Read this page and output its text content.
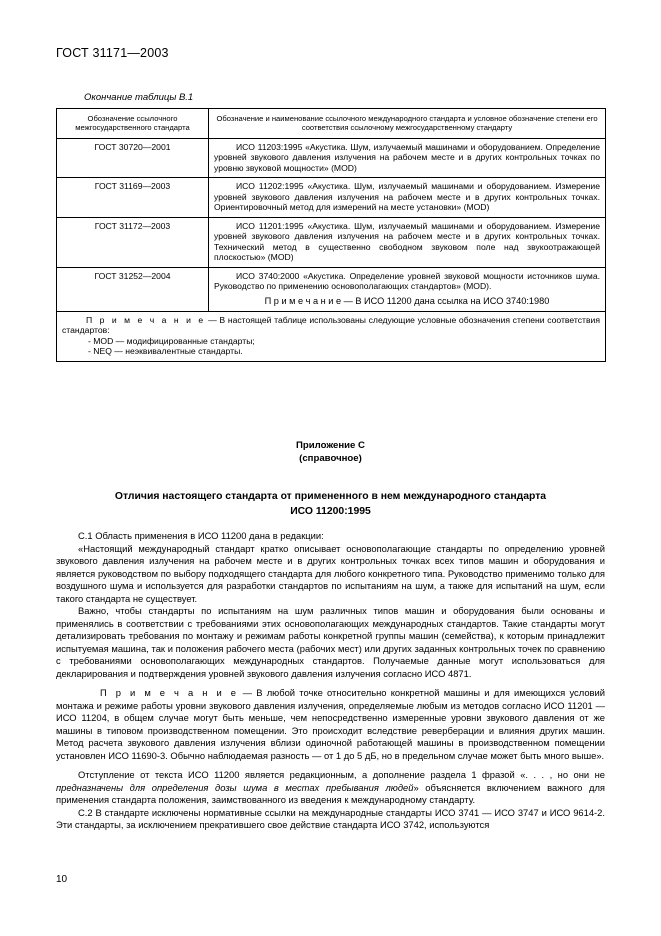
ГОСТ 31171—2003
Окончание таблицы В.1
Обозначение ссылочного межгосударственного стандарта	Обозначение и наименование ссылочного международного стандарта и условное обозначение степени его соответствия ссылочному межгосударственному стандарту
ГОСТ 30720—2001	ИСО 11203:1995 «Акустика. Шум, излучаемый машинами и оборудованием. Определение уровней звукового давления излучения на рабочем месте и в других контрольных точках по уровню звуковой мощности» (MOD)

ГОСТ 31169—2003	ИСО 11202:1995 «Акустика. Шум, излучаемый машинами и оборудованием. Измерение уровней звукового давления излучения на рабочем месте и в других контрольных точках. Ориентировочный метод для измерений на месте установки» (MOD)

ГОСТ 31172—2003	ИСО 11201:1995 «Акустика. Шум, излучаемый машинами и оборудованием. Измерение уровней звукового давления излучения на рабочем месте и в других контрольных точках. Технический метод в существенно свободном звуковом поле над звукоотражающей плоскостью» (MOD)

ГОСТ 31252—2004	ИСО 3740:2000 «Акустика. Определение уровней звуковой мощности источников шума. Руководство по применению основополагающих стандартов» (MOD).
П р и м е ч а н и е — В ИСО 11200 дана ссылка на ИСО 3740:1980

П р и м е ч а н и е — В настоящей таблице использованы следующие условные обозначения степени соответствия стандартов:
- MOD — модифицированные стандарты;
- NEQ — неэквивалентные стандарты.	
Приложение С
(справочное)
Отличия настоящего стандарта от примененного в нем международного стандарта
ИСО 11200:1995

С.1 Область применения в ИСО 11200 дана в редакции:

«Настоящий международный стандарт кратко описывает основополагающие стандарты по определению уровней звукового давления излучения на рабочем месте и в других контрольных точках всех типов машин и оборудования и является руководством по выбору подходящего стандарта для любого конкретного типа. Руководство применимо только для воздушного шума и используется для разработки стандартов по испытаниям на шум, а также для испытаний на шум, если такого стандарта не существует.

Важно, чтобы стандарты по испытаниям на шум различных типов машин и оборудования были основаны и применялись в соответствии с требованиями этих основополагающих международных стандартов. Такие стандарты могут детализировать требования по монтажу и режимам работы конкретной группы машин (семейства), к которым принадлежит испытуемая машина, так и положения рабочего места (рабочих мест) или других заданных контрольных точек по сравнению с требованиями основополагающих международных стандартов. Получаемые данные могут использоваться для декларирования и подтверждения уровней звукового давления излучения согласно ИСО 4871.

П р и м е ч а н и е — В любой точке относительно конкретной машины и для имеющихся условий монтажа и режиме работы уровни звукового давления излучения, определяемые любым из методов согласно ИСО 11201 — ИСО 11204, в общем случае могут быть меньше, чем непосредственно измеренные уровни звукового давления от же машины в типовом производственном помещении. Это происходит вследствие реверберации и влияния других машин. Метод расчета звукового давления излучения вблизи одиночной работающей машины в производственном помещении установлен ИСО 11690-3. Обычно наблюдаемая разность — от 1 до 5 дБ, но в предельном случае может быть много выше».

Отступление от текста ИСО 11200 является редакционным, а дополнение раздела 1 фразой «. . . , но они не предназначены для определения дозы шума в местах пребывания людей» объясняется включением важного для применения стандарта положения, заимствованного из введения к международному стандарту.

С.2 В стандарте исключены нормативные ссылки на международные стандарты ИСО 3741 — ИСО 3747 и ИСО 9614-2. Эти стандарты, за исключением прекратившего свое действие стандарта ИСО 3742, используются

10
